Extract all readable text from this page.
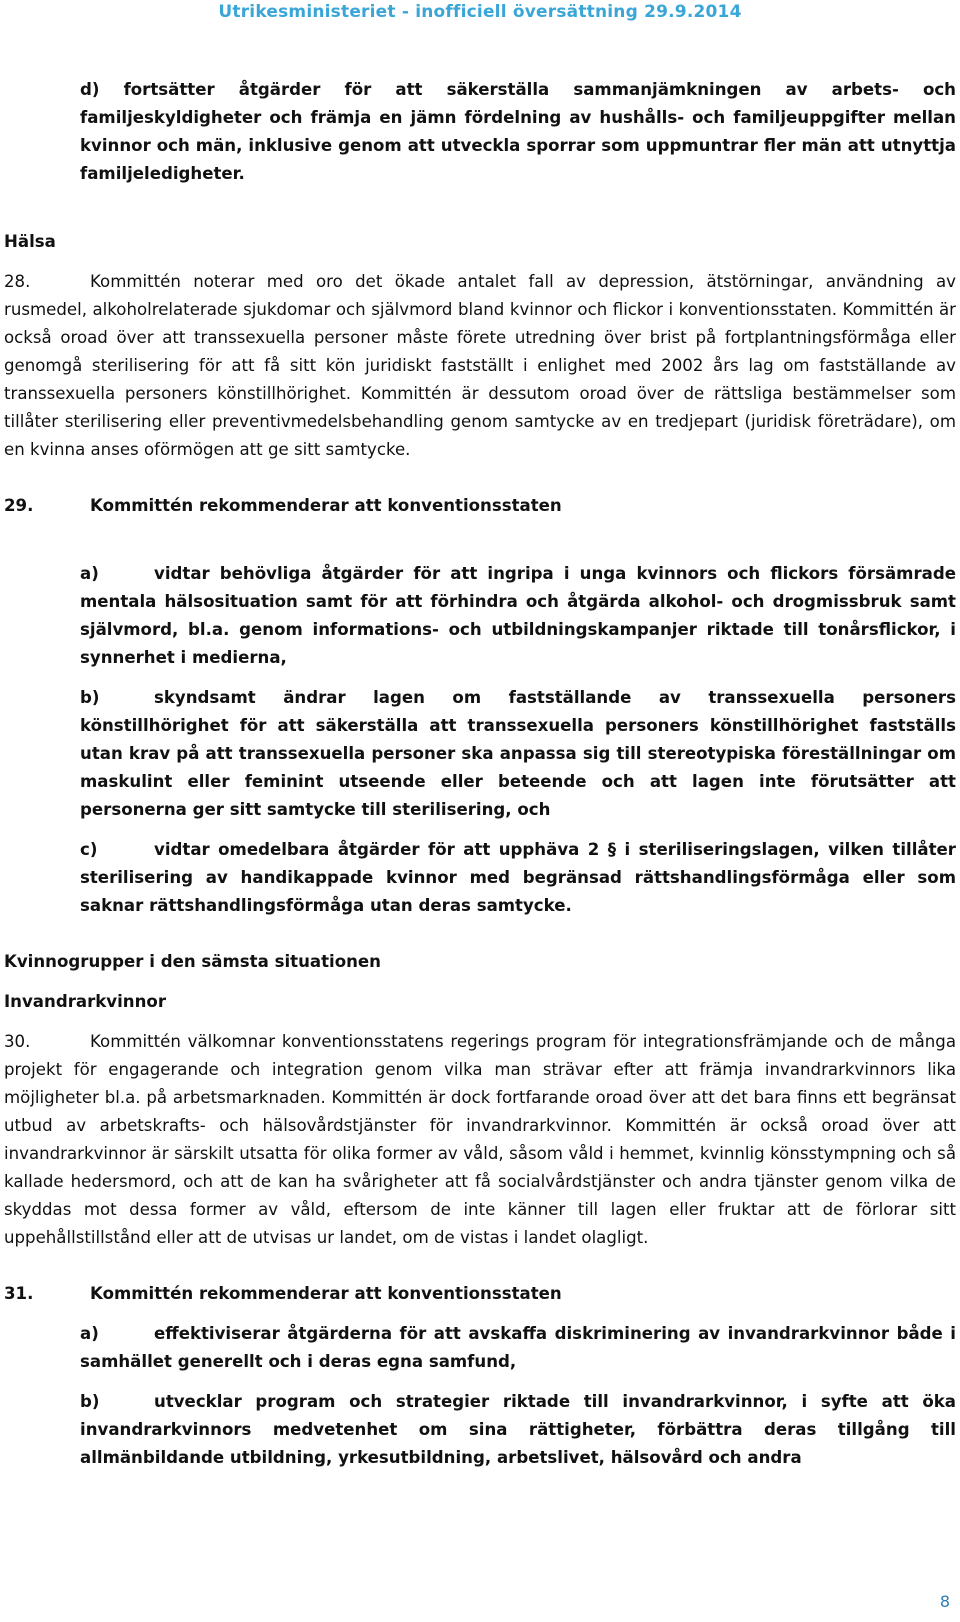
Utrikesministeriet - inofficiell översättning 29.9.2014

d) fortsätter åtgärder för att säkerställa sammanjämkningen av arbets- och familjeskyldigheter och främja en jämn fördelning av hushålls- och familjeuppgifter mellan kvinnor och män, inklusive genom att utveckla sporrar som uppmuntrar fler män att utnyttja familjeledigheter.

Hälsa

28.	Kommittén noterar med oro det ökade antalet fall av depression, ätstörningar, användning av rusmedel, alkoholrelaterade sjukdomar och självmord bland kvinnor och flickor i konventionsstaten. Kommittén är också oroad över att transsexuella personer måste förete utredning över brist på fortplantningsförmåga eller genomgå sterilisering för att få sitt kön juridiskt fastställt i enlighet med 2002 års lag om fastställande av transsexuella personers könstillhörighet. Kommittén är dessutom oroad över de rättsliga bestämmelser som tillåter sterilisering eller preventivmedelsbehandling genom samtycke av en tredjepart (juridisk företrädare), om en kvinna anses oförmögen att ge sitt samtycke.

29.	Kommittén rekommenderar att konventionsstaten

a)	vidtar behövliga åtgärder för att ingripa i unga kvinnors och flickors försämrade mentala hälsosituation samt för att förhindra och åtgärda alkohol- och drogmissbruk samt självmord, bl.a. genom informations- och utbildningskampanjer riktade till tonårsflickor, i synnerhet i medierna,

b)	skyndsamt ändrar lagen om fastställande av transsexuella personers könstillhörighet för att säkerställa att transsexuella personers könstillhörighet fastställs utan krav på att transsexuella personer ska anpassa sig till stereotypiska föreställningar om maskulint eller feminint utseende eller beteende och att lagen inte förutsätter att personerna ger sitt samtycke till sterilisering, och

c)	vidtar omedelbara åtgärder för att upphäva 2 § i steriliseringslagen, vilken tillåter sterilisering av handikappade kvinnor med begränsad rättshandlingsförmåga eller som saknar rättshandlingsförmåga utan deras samtycke.

Kvinnogrupper i den sämsta situationen

Invandrarkvinnor

30.	Kommittén välkomnar konventionsstatens regerings program för integrationsfrämjande och de många projekt för engagerande och integration genom vilka man strävar efter att främja invandrarkvinnors lika möjligheter bl.a. på arbetsmarknaden. Kommittén är dock fortfarande oroad över att det bara finns ett begränsat utbud av arbetskrafts- och hälsovårdstjänster för invandrarkvinnor. Kommittén är också oroad över att invandrarkvinnor är särskilt utsatta för olika former av våld, såsom våld i hemmet, kvinnlig könsstympning och så kallade hedersmord, och att de kan ha svårigheter att få socialvårdstjänster och andra tjänster genom vilka de skyddas mot dessa former av våld, eftersom de inte känner till lagen eller fruktar att de förlorar sitt uppehållstillstånd eller att de utvisas ur landet, om de vistas i landet olagligt.

31.	Kommittén rekommenderar att konventionsstaten

a)	effektiviserar åtgärderna för att avskaffa diskriminering av invandrarkvinnor både i samhället generellt och i deras egna samfund,

b)	utvecklar program och strategier riktade till invandrarkvinnor, i syfte att öka invandrarkvinnors medvetenhet om sina rättigheter, förbättra deras tillgång till allmänbildande utbildning, yrkesutbildning, arbetslivet, hälsovård och andra

8
